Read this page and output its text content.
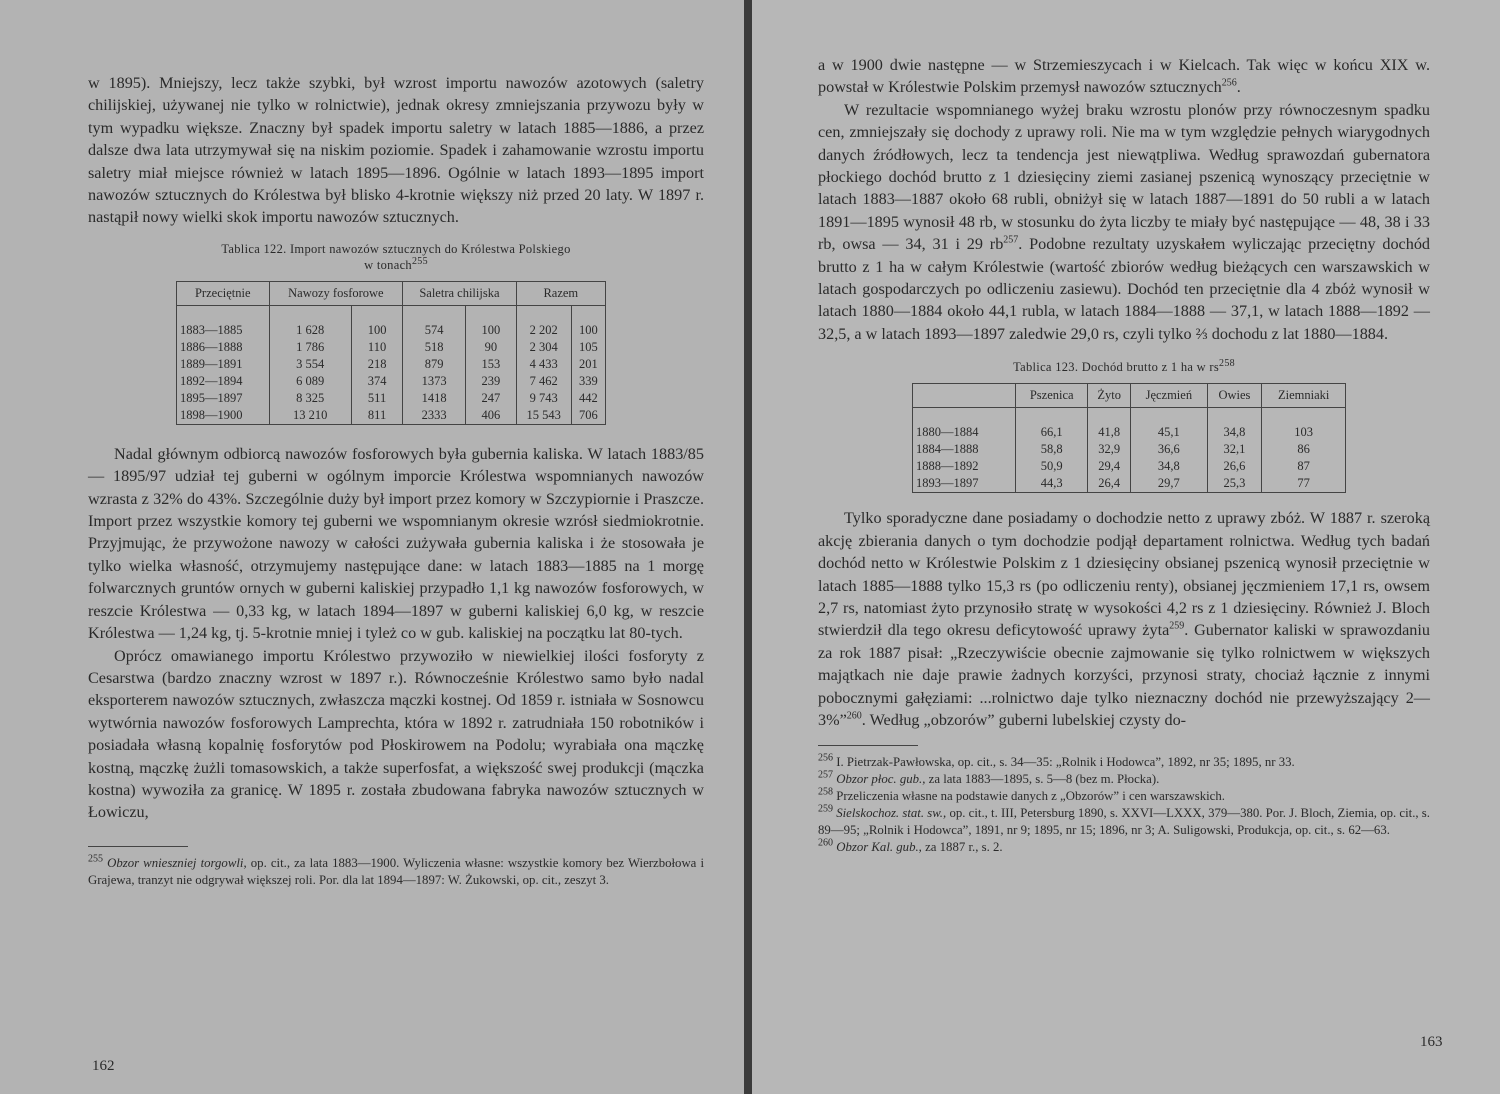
w 1895). Mniejszy, lecz także szybki, był wzrost importu nawozów azotowych (saletry chilijskiej, używanej nie tylko w rolnictwie), jednak okresy zmniejszania przywozu były w tym wypadku większe. Znaczny był spadek importu saletry w latach 1885—1886, a przez dalsze dwa lata utrzymywał się na niskim poziomie. Spadek i zahamowanie wzrostu importu saletry miał miejsce również w latach 1895—1896. Ogólnie w latach 1893—1895 import nawozów sztucznych do Królestwa był blisko 4-krotnie większy niż przed 20 laty. W 1897 r. nastąpił nowy wielki skok importu nawozów sztucznych.

Tablica 122. Import nawozów sztucznych do Królestwa Polskiego
w tonach$^{255}$
Przeciętnie	Nawozy fosforowe		Saletra chilijska		Razem	

1883—1885	1 628	100	574	100	2 202	100
1886—1888	1 786	110	518	90	2 304	105
1889—1891	3 554	218	879	153	4 433	201
1892—1894	6 089	374	1373	239	7 462	339
1895—1897	8 325	511	1418	247	9 743	442
1898—1900	13 210	811	2333	406	15 543	706

Nadal głównym odbiorcą nawozów fosforowych była gubernia kaliska. W latach 1883/85 — 1895/97 udział tej guberni w ogólnym imporcie Królestwa wspomnianych nawozów wzrasta z 32% do 43%. Szczególnie duży był import przez komory w Szczypiornie i Praszcze. Import przez wszystkie komory tej guberni we wspomnianym okresie wzrósł siedmiokrotnie. Przyjmując, że przywożone nawozy w całości zużywała gubernia kaliska i że stosowała je tylko wielka własność, otrzymujemy następujące dane: w latach 1883—1885 na 1 morgę folwarcznych gruntów ornych w guberni kaliskiej przypadło 1,1 kg nawozów fosforowych, w reszcie Królestwa — 0,33 kg, w latach 1894—1897 w guberni kaliskiej 6,0 kg, w reszcie Królestwa — 1,24 kg, tj. 5-krotnie mniej i tyleż co w gub. kaliskiej na początku lat 80-tych.

Oprócz omawianego importu Królestwo przywoziło w niewielkiej ilości fosforyty z Cesarstwa (bardzo znaczny wzrost w 1897 r.). Równocześnie Królestwo samo było nadal eksporterem nawozów sztucznych, zwłaszcza mączki kostnej. Od 1859 r. istniała w Sosnowcu wytwórnia nawozów fosforowych Lamprechta, która w 1892 r. zatrudniała 150 robotników i posiadała własną kopalnię fosforytów pod Płoskirowem na Podolu; wyrabiała ona mączkę kostną, mączkę żużli tomasowskich, a także superfosfat, a większość swej produkcji (mączka kostna) wywoziła za granicę. W 1895 r. została zbudowana fabryka nawozów sztucznych w Łowiczu,

$^{255}$ Obzor wnieszniej torgowli, op. cit., za lata 1883—1900. Wyliczenia własne: wszystkie komory bez Wierzbołowa i Grajewa, tranzyt nie odgrywał większej roli. Por. dla lat 1894—1897: W. Żukowski, op. cit., zeszyt 3.

162

a w 1900 dwie następne — w Strzemieszycach i w Kielcach. Tak więc w końcu XIX w. powstał w Królestwie Polskim przemysł nawozów sztucznych$^{256}$.

W rezultacie wspomnianego wyżej braku wzrostu plonów przy równoczesnym spadku cen, zmniejszały się dochody z uprawy roli. Nie ma w tym względzie pełnych wiarygodnych danych źródłowych, lecz ta tendencja jest niewątpliwa. Według sprawozdań gubernatora płockiego dochód brutto z 1 dziesięciny ziemi zasianej pszenicą wynoszący przeciętnie w latach 1883—1887 około 68 rubli, obniżył się w latach 1887—1891 do 50 rubli a w latach 1891—1895 wynosił 48 rb, w stosunku do żyta liczby te miały być następujące — 48, 38 i 33 rb, owsa — 34, 31 i 29 $rb^{257}$. Podobne rezultaty uzyskałem wyliczając przeciętny dochód brutto z 1 ha w całym Królestwie (wartość zbiorów według bieżących cen warszawskich w latach gospodarczych po odliczeniu zasiewu). Dochód ten przeciętnie dla 4 zbóż wynosił w latach 1880—1884 około 44,1 rubla, w latach 1884—1888 — 37,1, w latach 1888—1892 — 32,5, a w latach 1893—1897 zaledwie 29,0 rs, czyli tylko ⅔ dochodu z lat 1880—1884.

Tablica 123. Dochód brutto z 1 ha w $rs^{258}$
	Pszenica	Żyto	Jęczmień	Owies	Ziemniaki

1880—1884	66,1	41,8	45,1	34,8	103
1884—1888	58,8	32,9	36,6	32,1	86
1888—1892	50,9	29,4	34,8	26,6	87
1893—1897	44,3	26,4	29,7	25,3	77

Tylko sporadyczne dane posiadamy o dochodzie netto z uprawy zbóż. W 1887 r. szeroką akcję zbierania danych o tym dochodzie podjął departament rolnictwa. Według tych badań dochód netto w Królestwie Polskim z 1 dziesięciny obsianej pszenicą wynosił przeciętnie w latach 1885—1888 tylko 15,3 rs (po odliczeniu renty), obsianej jęczmieniem 17,1 rs, owsem 2,7 rs, natomiast żyto przynosiło stratę w wysokości 4,2 rs z 1 dziesięciny. Również J. Bloch stwierdził dla tego okresu deficytowość uprawy żyta$^{259}$. Gubernator kaliski w sprawozdaniu za rok 1887 pisał: „Rzeczywiście obecnie zajmowanie się tylko rolnictwem w większych majątkach nie daje prawie żadnych korzyści, przynosi straty, chociaż łącznie z innymi pobocznymi gałęziami: ...rolnictwo daje tylko nieznaczny dochód nie przewyższający 2—3%”$^{260}$. Według „obzorów” guberni lubelskiej czysty do-

$^{256}$ I. Pietrzak-Pawłowska, op. cit., s. 34—35: „Rolnik i Hodowca”, 1892, nr 35; 1895, nr 33.

$^{257}$ Obzor płoc. gub., za lata 1883—1895, s. 5—8 (bez m. Płocka).

$^{258}$ Przeliczenia własne na podstawie danych z „Obzorów” i cen warszawskich.

$^{259}$ Sielskochoz. stat. sw., op. cit., t. III, Petersburg 1890, s. XXVI—LXXX, 379—380. Por. J. Bloch, Ziemia, op. cit., s. 89—95; „Rolnik i Hodowca”, 1891, nr 9; 1895, nr 15; 1896, nr 3; A. Suligowski, Produkcja, op. cit., s. 62—63.

$^{260}$ Obzor Kal. gub., za 1887 r., s. 2.

163
